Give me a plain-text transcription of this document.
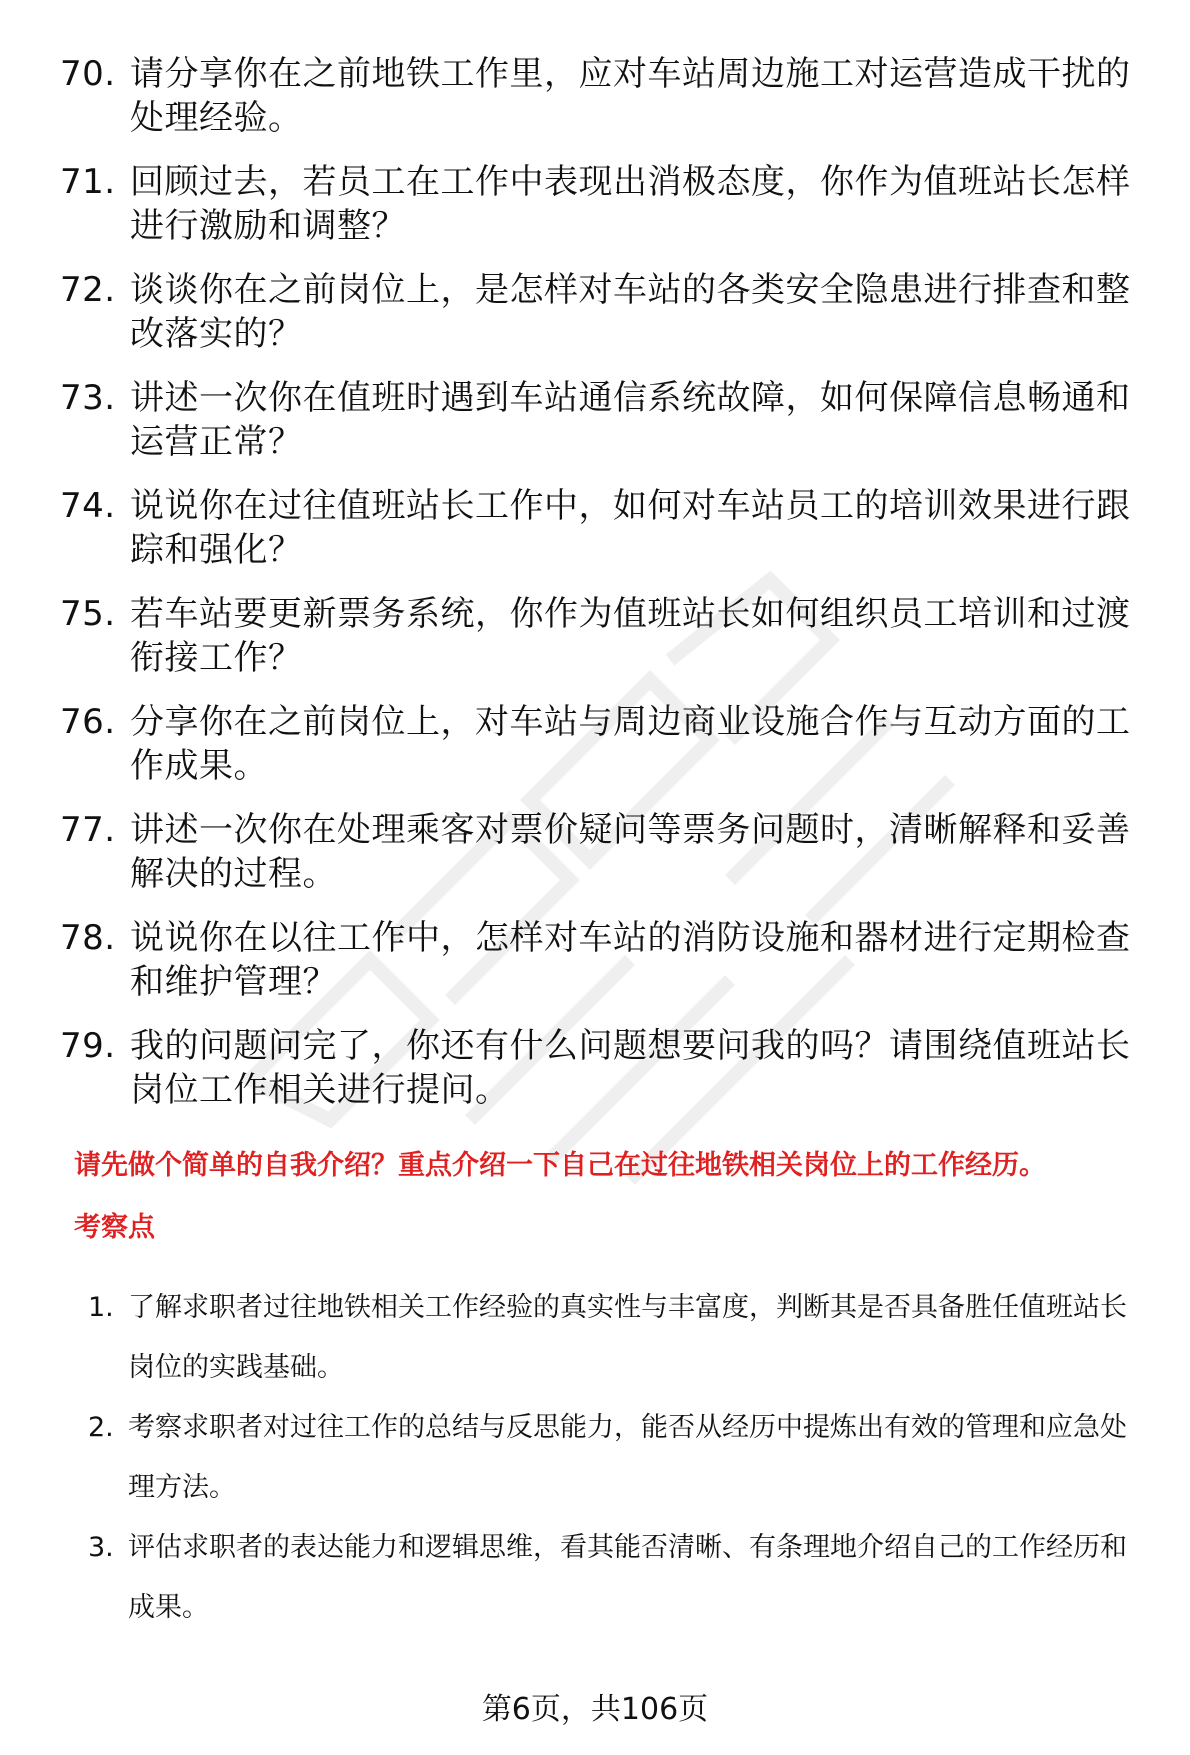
70. 请分享你在之前地铁工作里，应对车站周边施工对运营造成干扰的处理经验。
71. 回顾过去，若员工在工作中表现出消极态度，你作为值班站长怎样进行激励和调整？
72. 谈谈你在之前岗位上，是怎样对车站的各类安全隐患进行排查和整改落实的？
73. 讲述一次你在值班时遇到车站通信系统故障，如何保障信息畅通和运营正常？
74. 说说你在过往值班站长工作中，如何对车站员工的培训效果进行跟踪和强化？
75. 若车站要更新票务系统，你作为值班站长如何组织员工培训和过渡衔接工作？
76. 分享你在之前岗位上，对车站与周边商业设施合作与互动方面的工作成果。
77. 讲述一次你在处理乘客对票价疑问等票务问题时，清晰解释和妥善解决的过程。
78. 说说你在以往工作中，怎样对车站的消防设施和器材进行定期检查和维护管理？
79. 我的问题问完了，你还有什么问题想要问我的吗？请围绕值班站长岗位工作相关进行提问。
请先做个简单的自我介绍？重点介绍一下自己在过往地铁相关岗位上的工作经历。
考察点
1. 了解求职者过往地铁相关工作经验的真实性与丰富度，判断其是否具备胜任值班站长岗位的实践基础。
2. 考察求职者对过往工作的总结与反思能力，能否从经历中提炼出有效的管理和应急处理方法。
3. 评估求职者的表达能力和逻辑思维，看其能否清晰、有条理地介绍自己的工作经历和成果。
第6页，共106页
